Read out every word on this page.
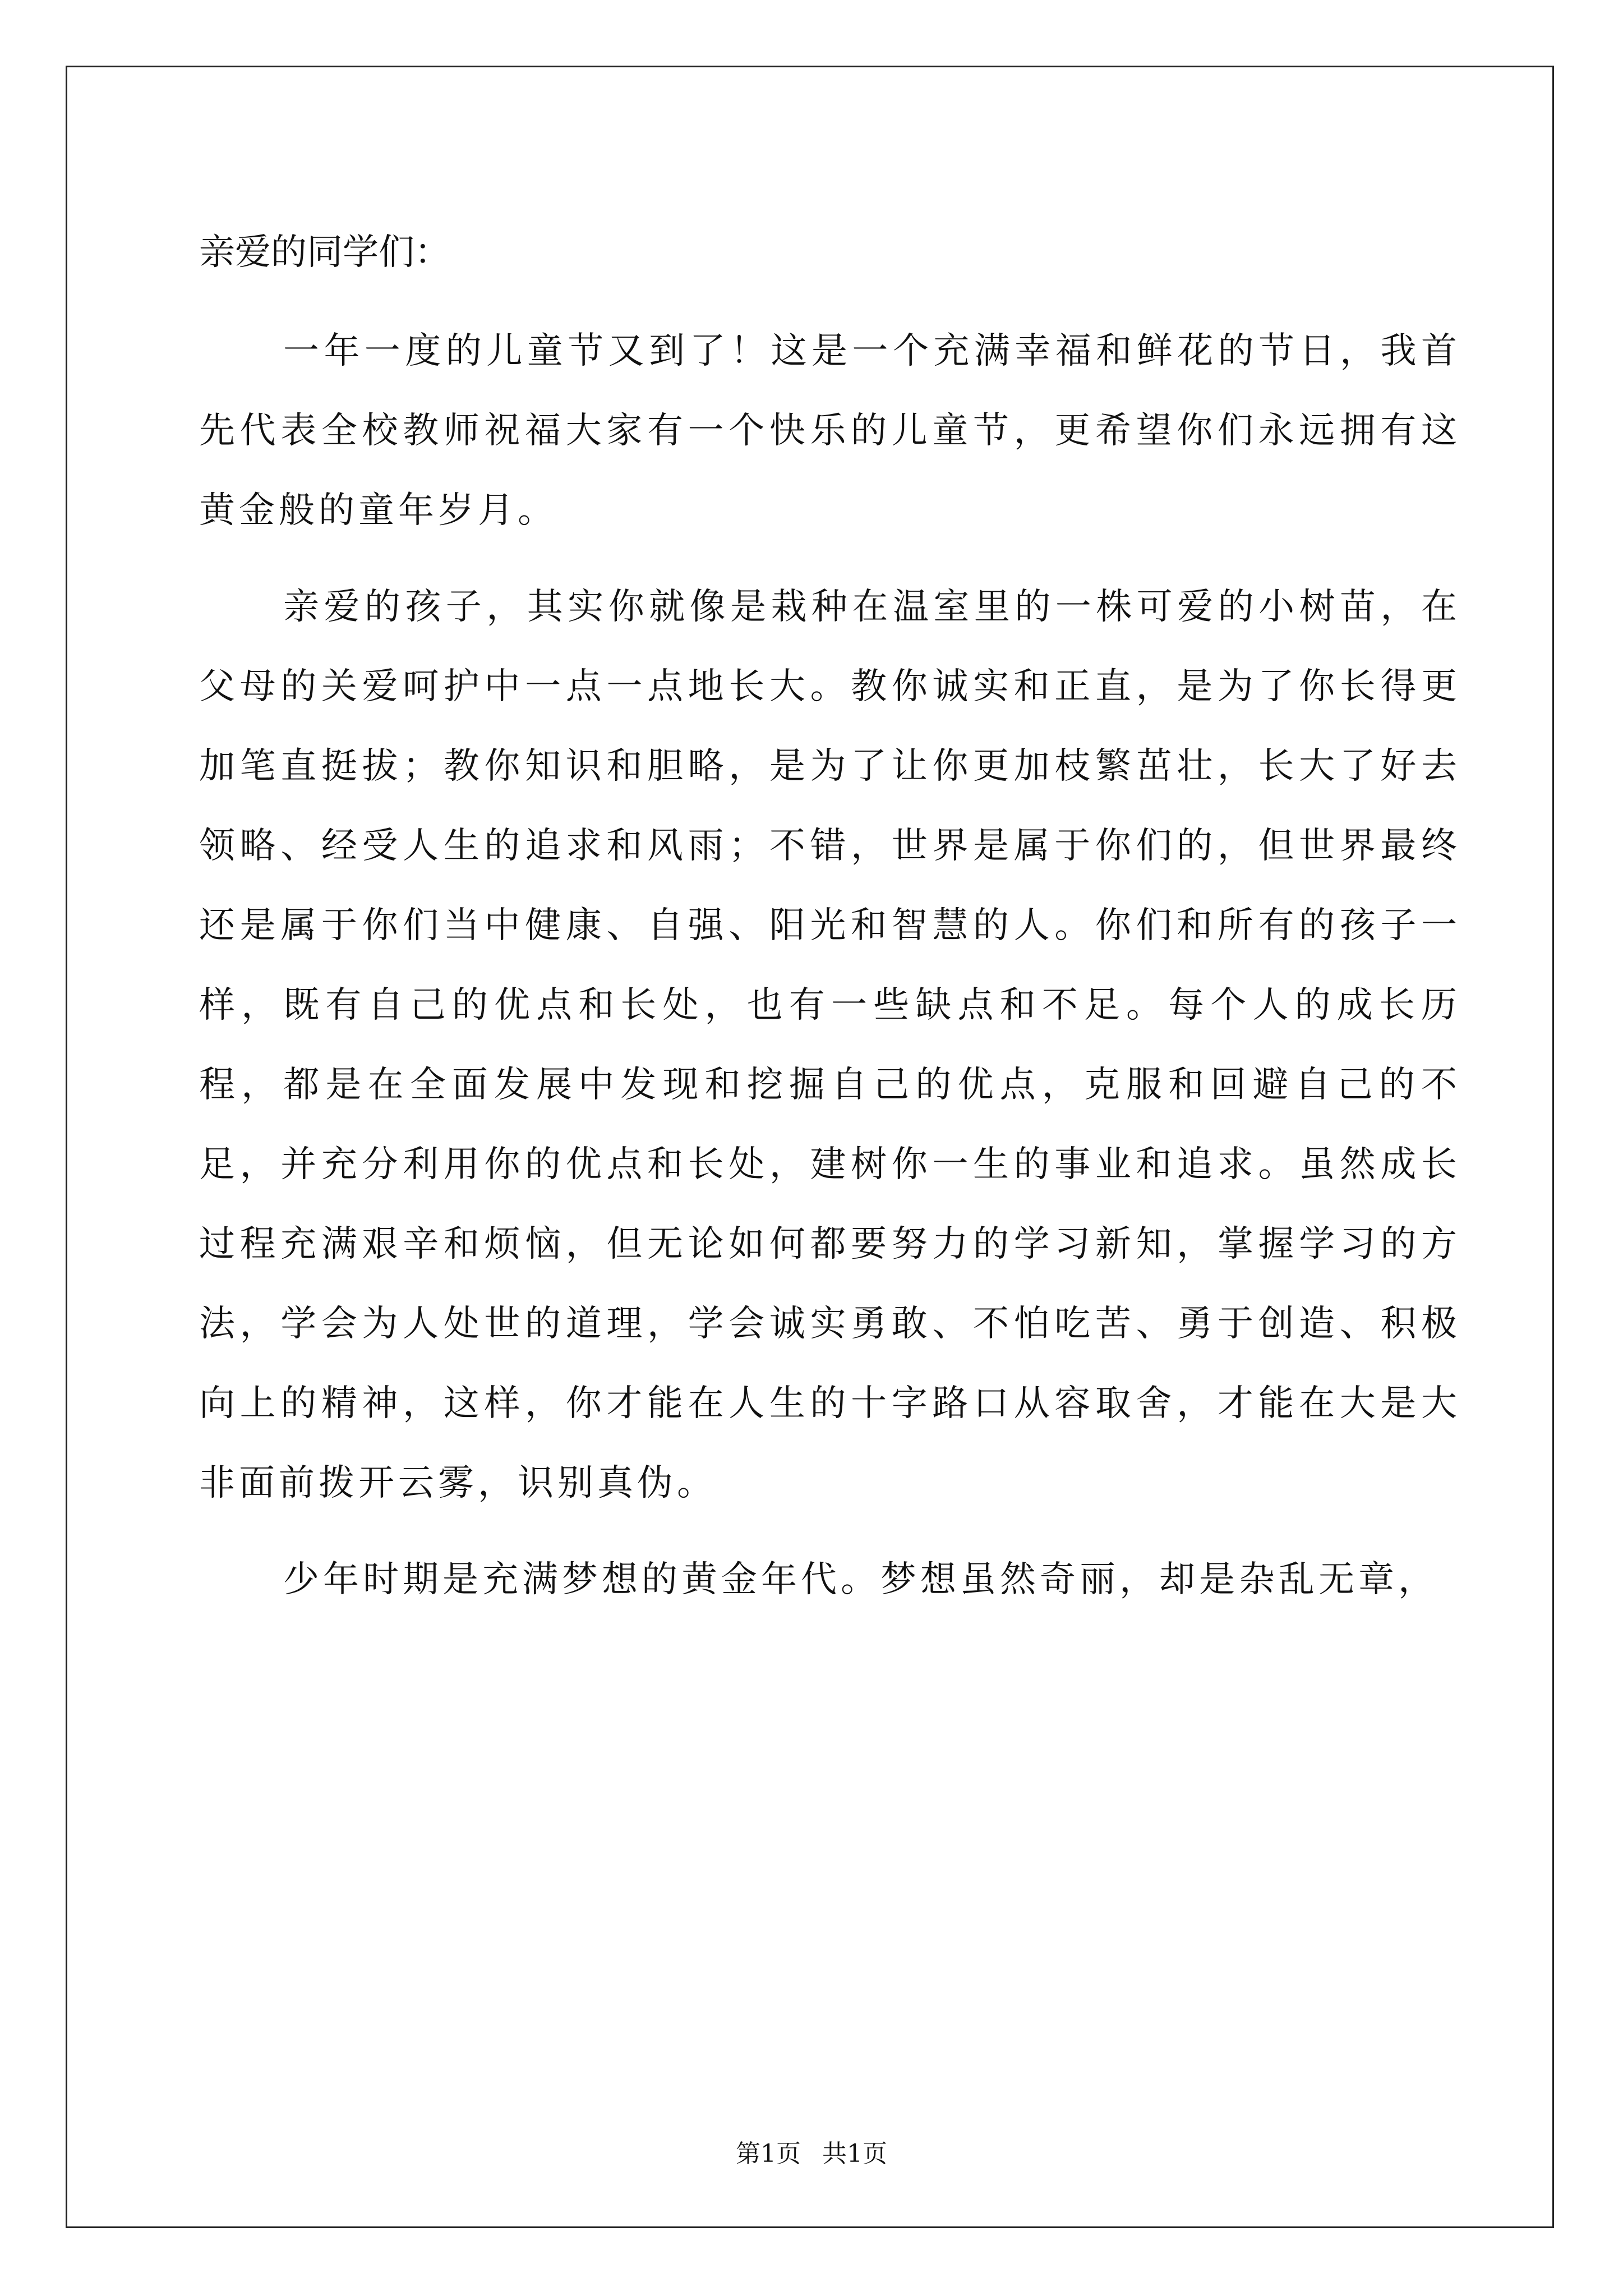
亲爱的同学们：

一年一度的儿童节又到了！这是一个充满幸福和鲜花的节日，我首先代表全校教师祝福大家有一个快乐的儿童节，更希望你们永远拥有这黄金般的童年岁月。

亲爱的孩子，其实你就像是栽种在温室里的一株可爱的小树苗，在父母的关爱呵护中一点一点地长大。教你诚实和正直，是为了你长得更加笔直挺拔；教你知识和胆略，是为了让你更加枝繁茁壮，长大了好去领略、经受人生的追求和风雨；不错，世界是属于你们的，但世界最终还是属于你们当中健康、自强、阳光和智慧的人。你们和所有的孩子一样，既有自己的优点和长处，也有一些缺点和不足。每个人的成长历程，都是在全面发展中发现和挖掘自己的优点，克服和回避自己的不足，并充分利用你的优点和长处，建树你一生的事业和追求。虽然成长过程充满艰辛和烦恼，但无论如何都要努力的学习新知，掌握学习的方法，学会为人处世的道理，学会诚实勇敢、不怕吃苦、勇于创造、积极向上的精神，这样，你才能在人生的十字路口从容取舍，才能在大是大非面前拨开云雾，识别真伪。

少年时期是充满梦想的黄金年代。梦想虽然奇丽，却是杂乱无章，

第1页 共1页
